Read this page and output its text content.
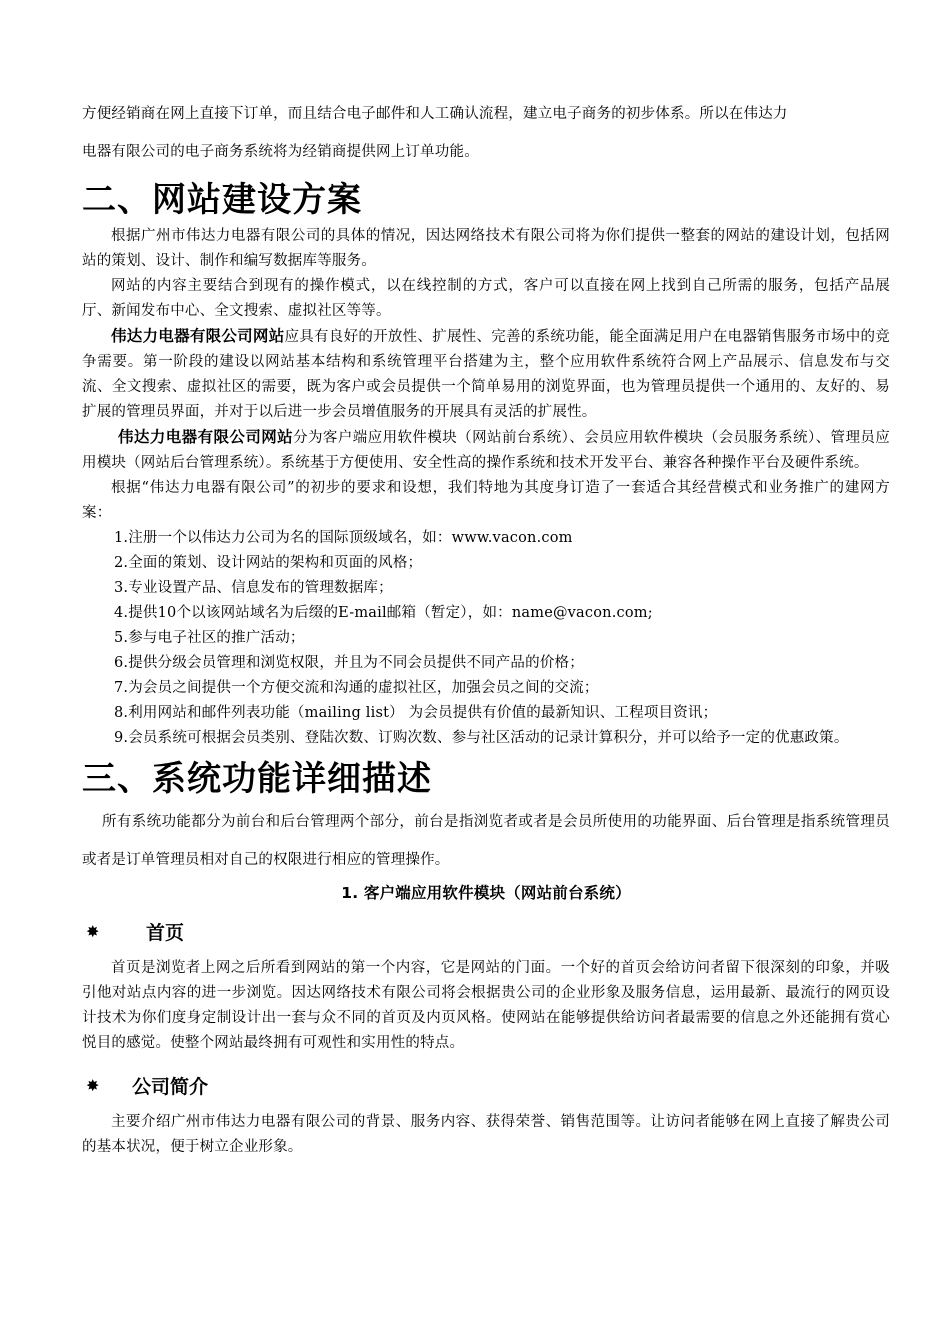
方便经销商在网上直接下订单，而且结合电子邮件和人工确认流程，建立电子商务的初步体系。所以在伟达力

电器有限公司的电子商务系统将为经销商提供网上订单功能。

二、网站建设方案

根据广州市伟达力电器有限公司的具体的情况，因达网络技术有限公司将为你们提供一整套的网站的建设计划，包括网站的策划、设计、制作和编写数据库等服务。

网站的内容主要结合到现有的操作模式，以在线控制的方式，客户可以直接在网上找到自己所需的服务，包括产品展厅、新闻发布中心、全文搜索、虚拟社区等等。

伟达力电器有限公司网站应具有良好的开放性、扩展性、完善的系统功能，能全面满足用户在电器销售服务市场中的竞争需要。第一阶段的建设以网站基本结构和系统管理平台搭建为主，整个应用软件系统符合网上产品展示、信息发布与交流、全文搜索、虚拟社区的需要，既为客户或会员提供一个简单易用的浏览界面，也为管理员提供一个通用的、友好的、易扩展的管理员界面，并对于以后进一步会员增值服务的开展具有灵活的扩展性。

伟达力电器有限公司网站分为客户端应用软件模块（网站前台系统）、会员应用软件模块（会员服务系统）、管理员应用模块（网站后台管理系统）。系统基于方便使用、安全性高的操作系统和技术开发平台、兼容各种操作平台及硬件系统。

根据“伟达力电器有限公司”的初步的要求和设想，我们特地为其度身订造了一套适合其经营模式和业务推广的建网方案：

1.注册一个以伟达力公司为名的国际顶级域名，如：www.vacon.com

2.全面的策划、设计网站的架构和页面的风格；

3.专业设置产品、信息发布的管理数据库；

4.提供10个以该网站域名为后缀的E-mail邮箱（暂定），如：name@vacon.com;

5.参与电子社区的推广活动；

6.提供分级会员管理和浏览权限，并且为不同会员提供不同产品的价格；

7.为会员之间提供一个方便交流和沟通的虚拟社区，加强会员之间的交流；

8.利用网站和邮件列表功能（mailing list） 为会员提供有价值的最新知识、工程项目资讯；

9.会员系统可根据会员类别、登陆次数、订购次数、参与社区活动的记录计算积分，并可以给予一定的优惠政策。

三、系统功能详细描述

所有系统功能都分为前台和后台管理两个部分，前台是指浏览者或者是会员所使用的功能界面、后台管理是指系统管理员或者是订单管理员相对自己的权限进行相应的管理操作。

1. 客户端应用软件模块（网站前台系统）

✸	首页

首页是浏览者上网之后所看到网站的第一个内容，它是网站的门面。一个好的首页会给访问者留下很深刻的印象，并吸引他对站点内容的进一步浏览。因达网络技术有限公司将会根据贵公司的企业形象及服务信息，运用最新、最流行的网页设计技术为你们度身定制设计出一套与众不同的首页及内页风格。使网站在能够提供给访问者最需要的信息之外还能拥有赏心悦目的感觉。使整个网站最终拥有可观性和实用性的特点。

✸	公司简介

主要介绍广州市伟达力电器有限公司的背景、服务内容、获得荣誉、销售范围等。让访问者能够在网上直接了解贵公司的基本状况，便于树立企业形象。
